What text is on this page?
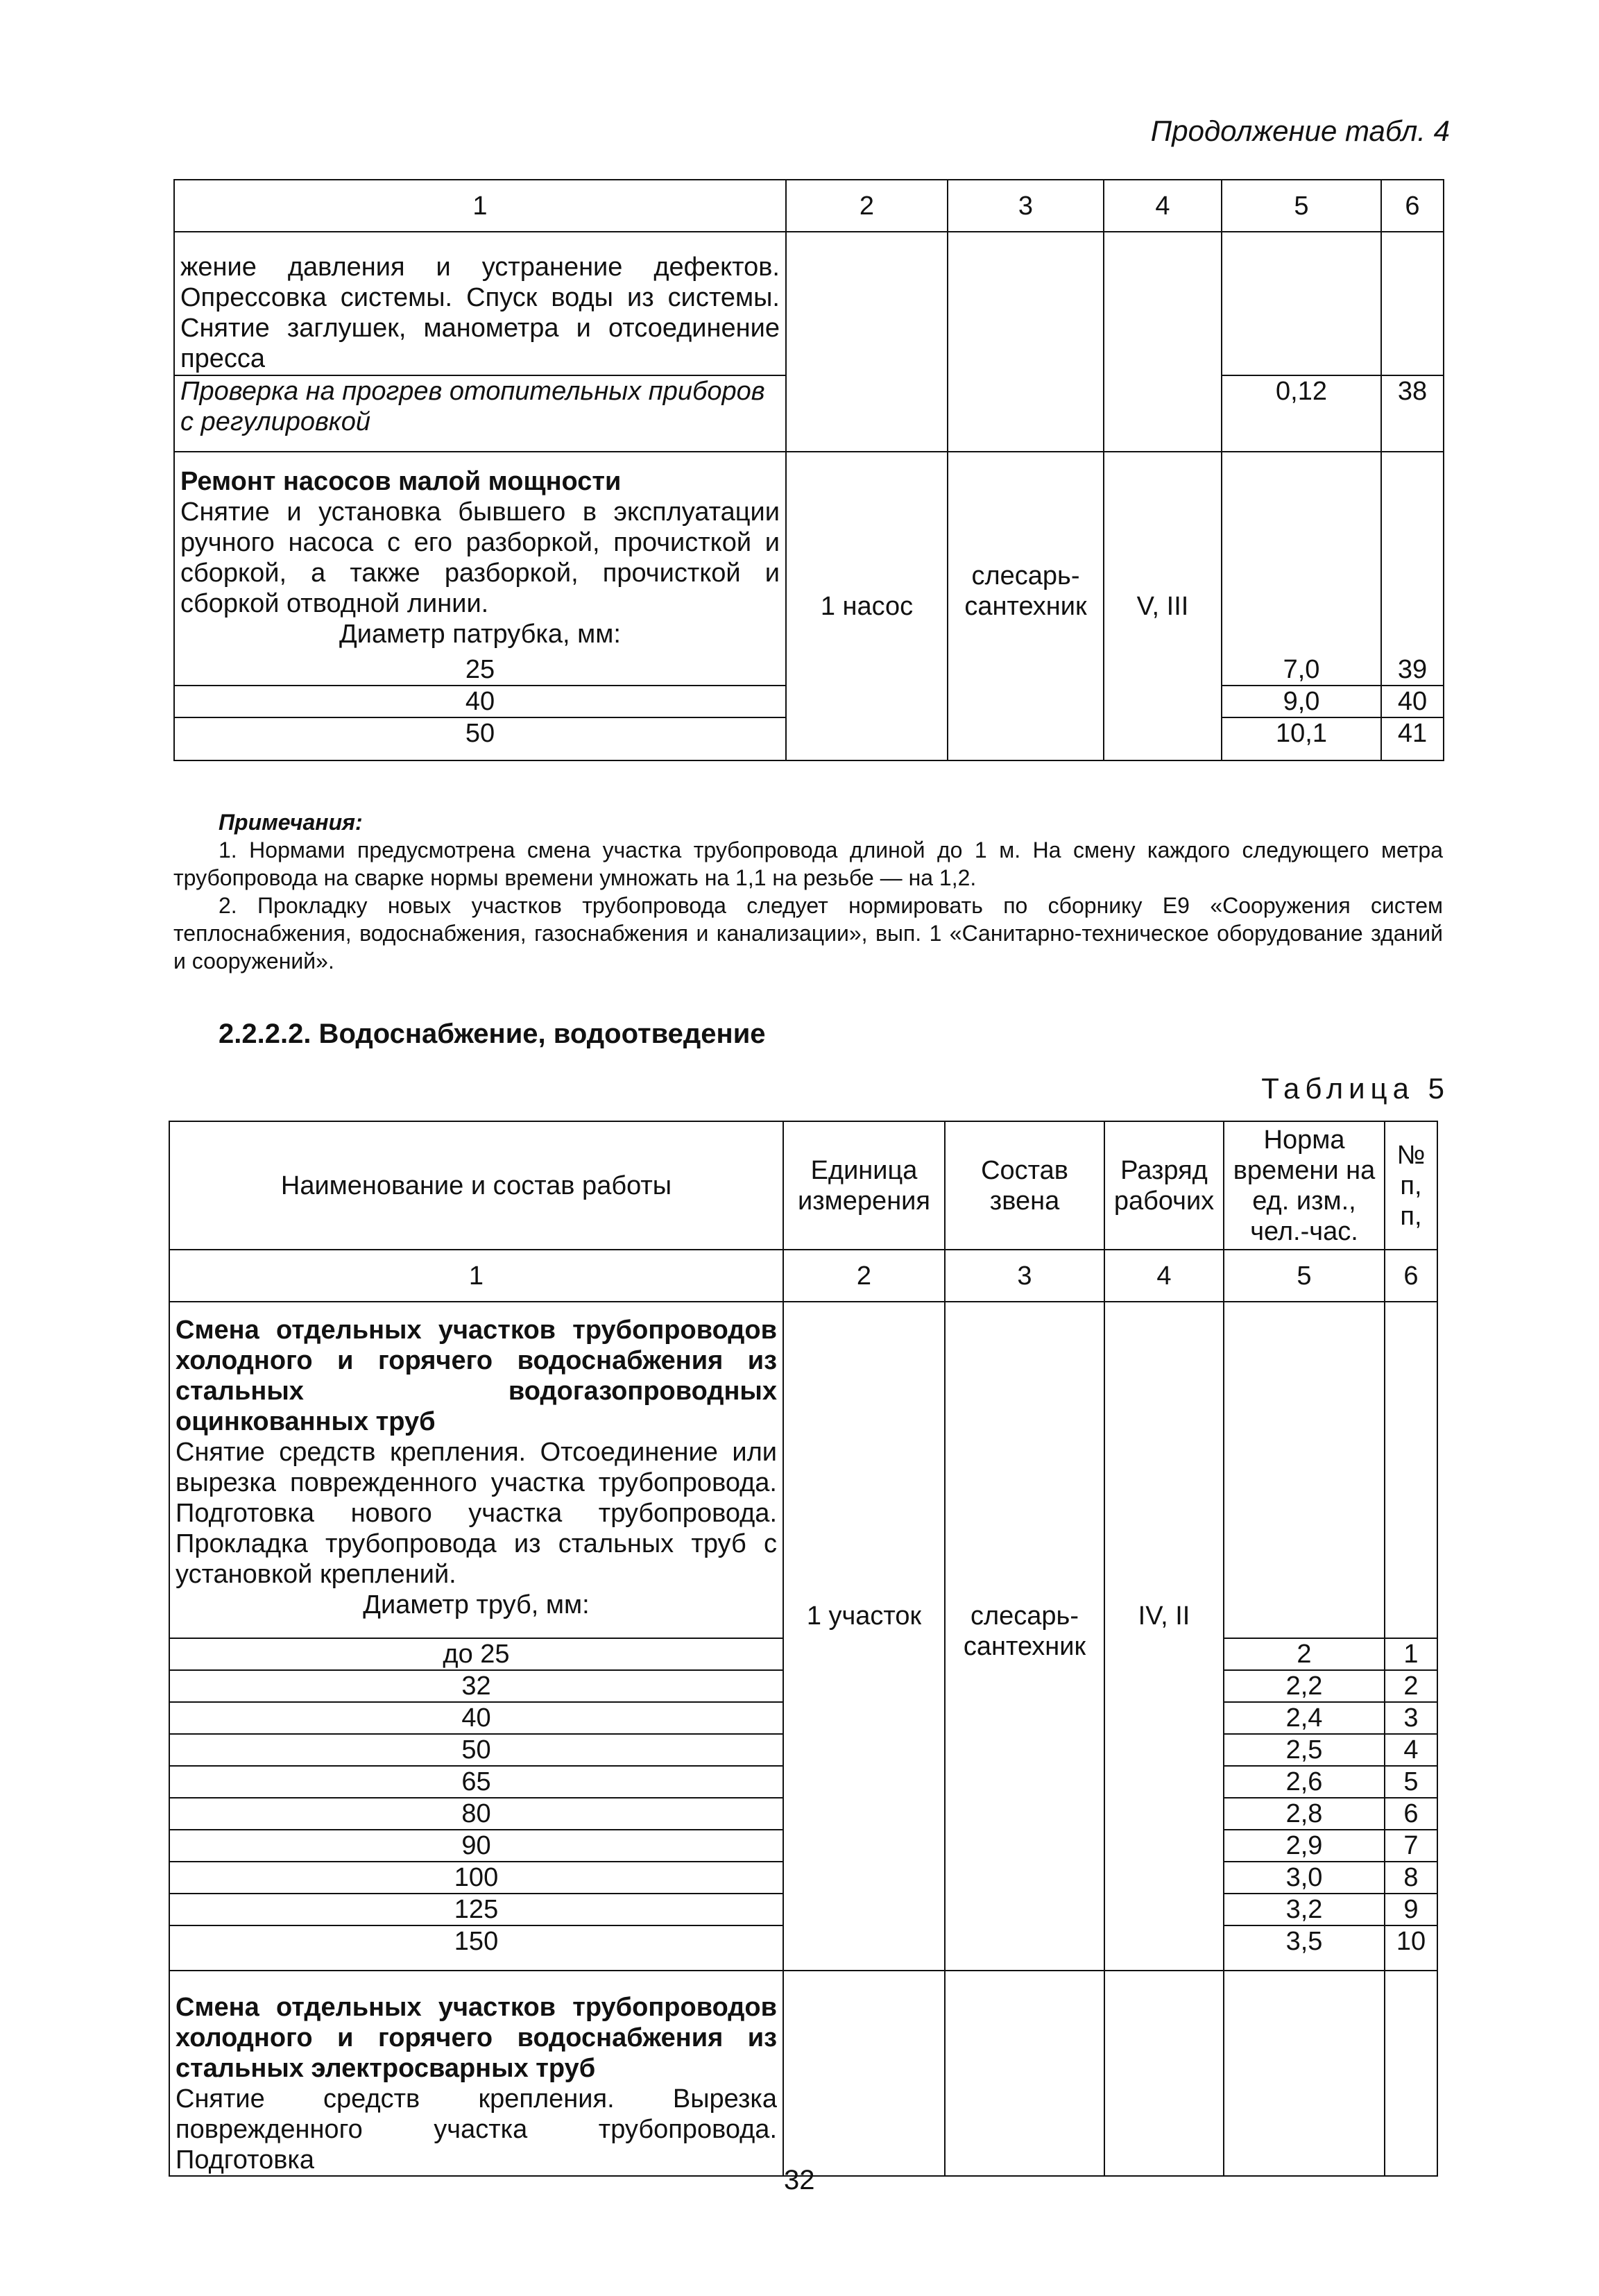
Продолжение табл. 4
1	2	3	4	5	6
жение давления и устранение дефектов. Опрессовка системы. Спуск воды из системы. Снятие заглушек, манометра и отсоединение пресса					
Проверка на прогрев отопительных приборов с регулировкой				0,12	38

Ремонт насосов малой мощности
Снятие и установка бывшего в эксплуатации ручного насоса с его разборкой, прочисткой и сборкой, а также разборкой, прочисткой и сборкой отводной линии.
Диаметр патрубка, мм:	1 насос	слесарь-сантехник	V, III		
25				7,0	39
40				9,0	40
50				10,1	41
Примечания:

1. Нормами предусмотрена смена участка трубопровода длиной до 1 м. На смену каждого следующего метра трубопровода на сварке нормы времени умножать на 1,1 на резьбе — на 1,2.

2. Прокладку новых участков трубопровода следует нормировать по сборнику Е9 «Сооружения систем теплоснабжения, водоснабжения, газоснабжения и канализации», вып. 1 «Санитарно-техническое оборудование зданий и сооружений».

2.2.2.2. Водоснабжение, водоотведение
Таблица 5
Наименование и состав работы	Единица измерения	Состав звена	Разряд рабочих	Норма времени на ед. изм., чел.-час.	№ п, п,
1	2	3	4	5	6

Смена отдельных участков трубопроводов холодного и горячего водоснабжения из стальных водогазопроводных оцинкованных труб
Снятие средств крепления. Отсоединение или вырезка поврежденного участка трубопровода. Подготовка нового участка трубопровода. Прокладка трубопровода из стальных труб с установкой креплений.
Диаметр труб, мм:	1 участок	слесарь-сантехник	IV, II		
до 25				2	1
32				2,2	2
40				2,4	3
50				2,5	4
65				2,6	5
80				2,8	6
90				2,9	7
100				3,0	8
125				3,2	9
150				3,5	10

Смена отдельных участков трубопроводов холодного и горячего водоснабжения из стальных электросварных труб
Снятие средств крепления. Вырезка поврежденного участка трубопровода. Подготовка					

32
